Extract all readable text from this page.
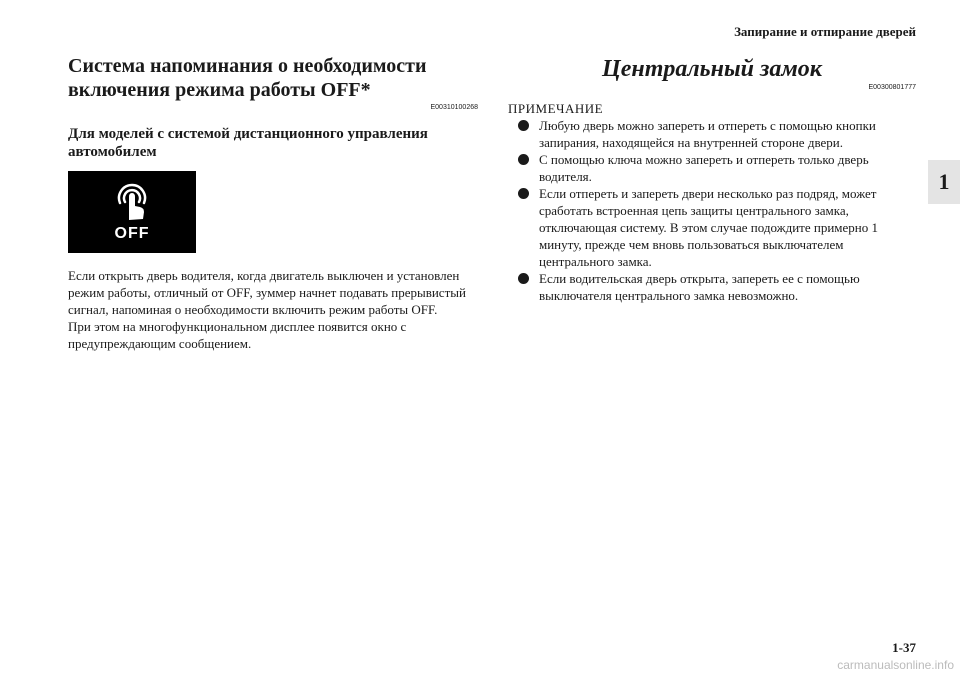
Запирание и отпирание дверей
1
Система напоминания о необходимости включения режима работы OFF*
E00310100268
Для моделей с системой дистанционного управления автомобилем
OFF

Если открыть дверь водителя, когда двигатель выключен и установлен режим работы, отличный от OFF, зуммер начнет подавать прерывистый сигнал, напоминая о необходимости включить режим работы OFF.

При этом на многофункциональном дисплее появится окно с предупреждающим сообщением.

Центральный замок
E00300801777
ПРИМЕЧАНИЕ
Любую дверь можно запереть и отпереть с помощью кнопки запирания, находящейся на внутренней стороне двери.
С помощью ключа можно запереть и отпереть только дверь водителя.
Если отпереть и запереть двери несколько раз подряд, может сработать встроенная цепь защиты центрального замка, отключающая систему. В этом случае подождите примерно 1 минуту, прежде чем вновь пользоваться выключателем центрального замка.
Если водительская дверь открыта, запереть ее с помощью выключателя центрального замка невозможно.
1-37
carmanualsonline.info
